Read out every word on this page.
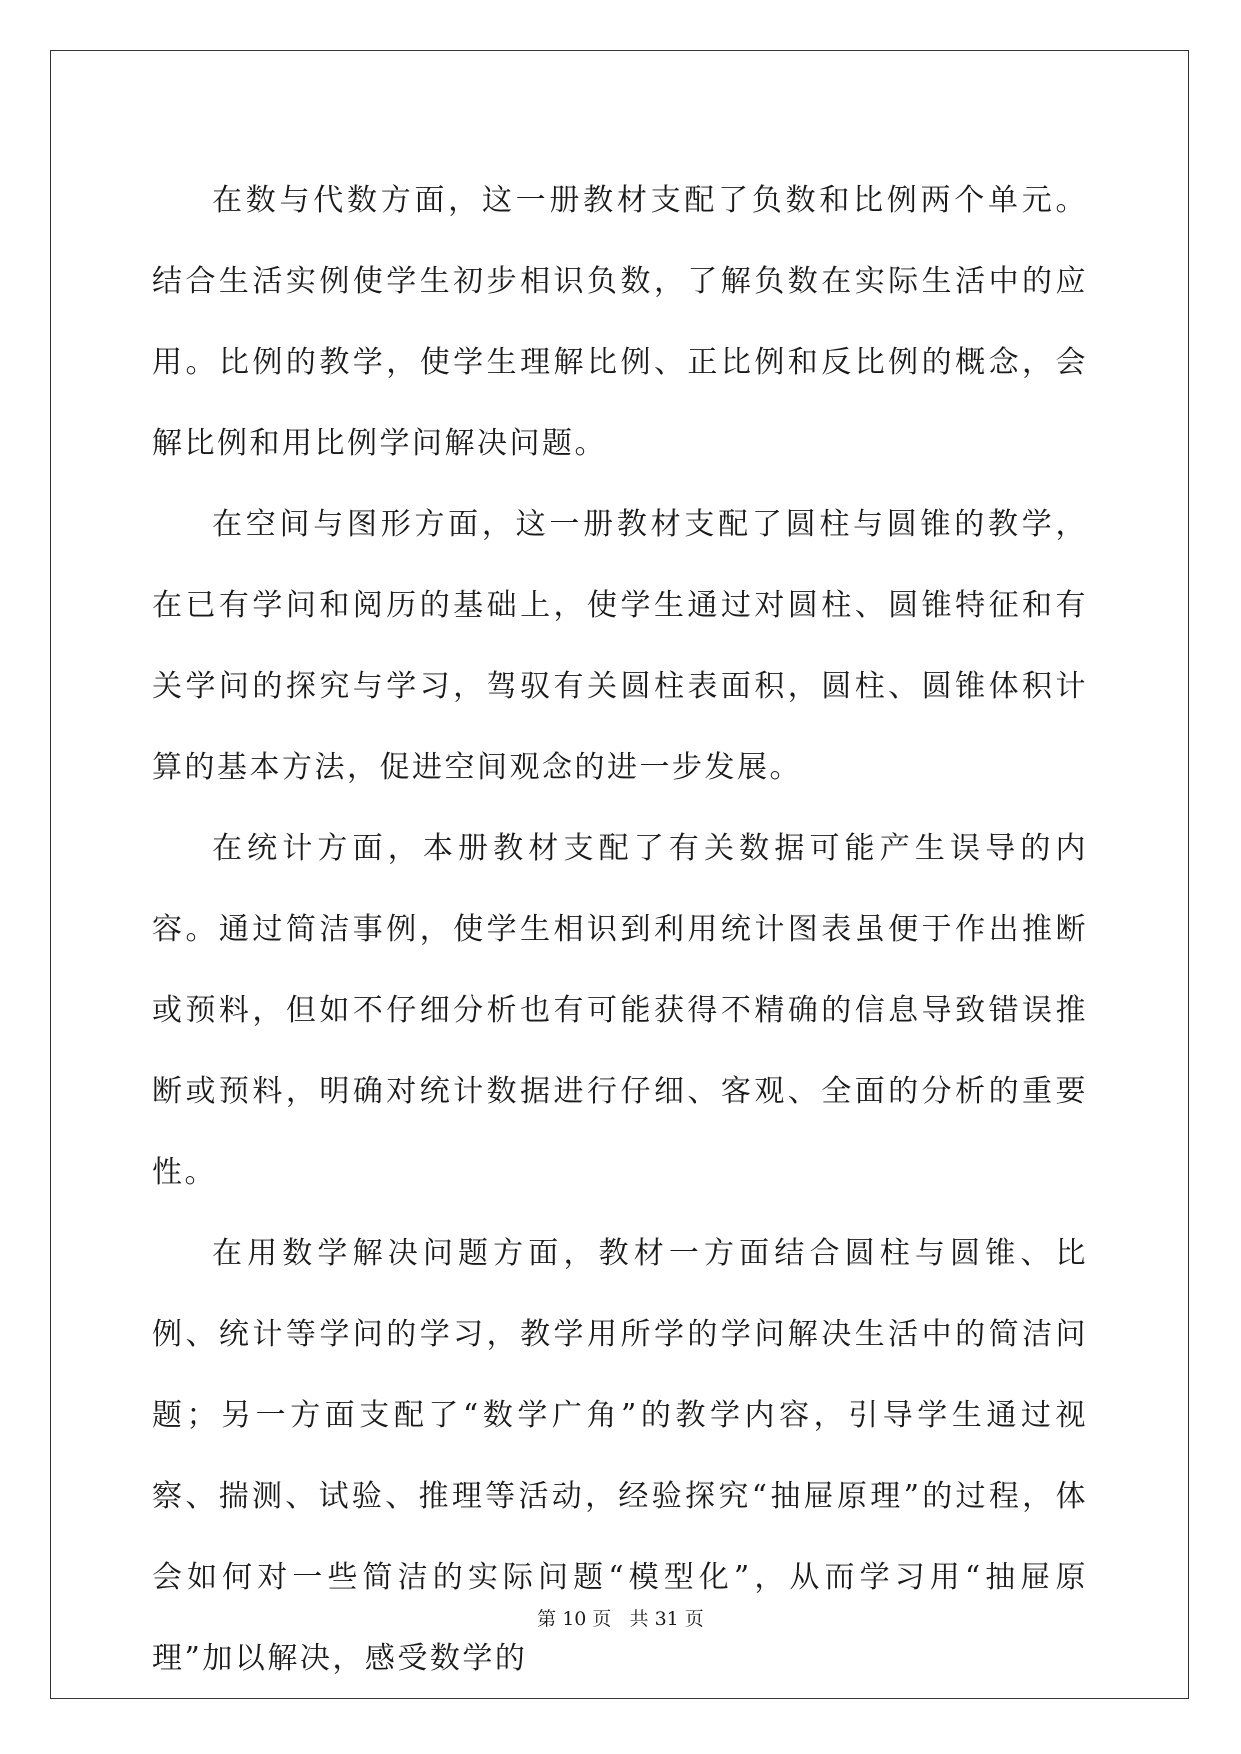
在数与代数方面，这一册教材支配了负数和比例两个单元。结合生活实例使学生初步相识负数，了解负数在实际生活中的应用。比例的教学，使学生理解比例、正比例和反比例的概念，会解比例和用比例学问解决问题。

在空间与图形方面，这一册教材支配了圆柱与圆锥的教学，在已有学问和阅历的基础上，使学生通过对圆柱、圆锥特征和有关学问的探究与学习，驾驭有关圆柱表面积，圆柱、圆锥体积计算的基本方法，促进空间观念的进一步发展。

在统计方面，本册教材支配了有关数据可能产生误导的内容。通过简洁事例，使学生相识到利用统计图表虽便于作出推断或预料，但如不仔细分析也有可能获得不精确的信息导致错误推断或预料，明确对统计数据进行仔细、客观、全面的分析的重要性。

在用数学解决问题方面，教材一方面结合圆柱与圆锥、比例、统计等学问的学习，教学用所学的学问解决生活中的简洁问题；另一方面支配了“数学广角”的教学内容，引导学生通过视察、揣测、试验、推理等活动，经验探究“抽屉原理”的过程，体会如何对一些简洁的实际问题“模型化”，从而学习用“抽屉原理”加以解决，感受数学的

第 10 页   共 31 页
